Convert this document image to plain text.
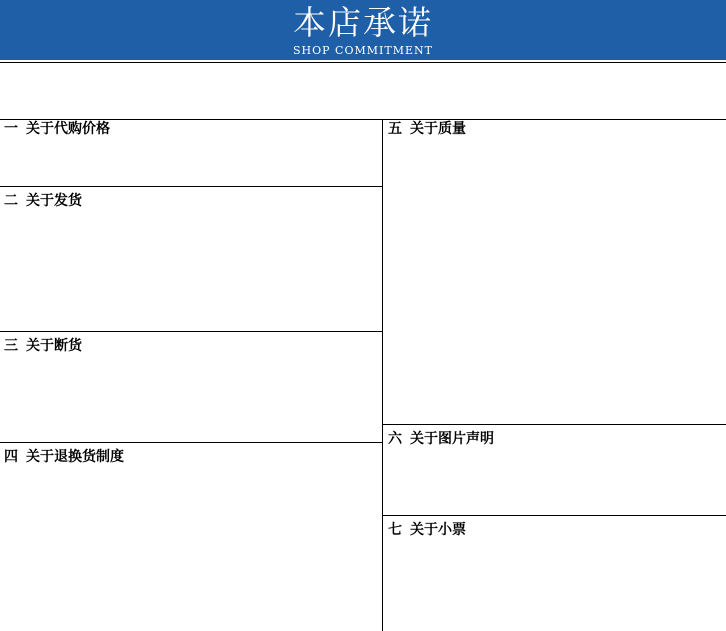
本店承诺
SHOP COMMITMENT
一 关于代购价格
二 关于发货
三 关于断货
四 关于退换货制度
五 关于质量
六 关于图片声明
七 关于小票
